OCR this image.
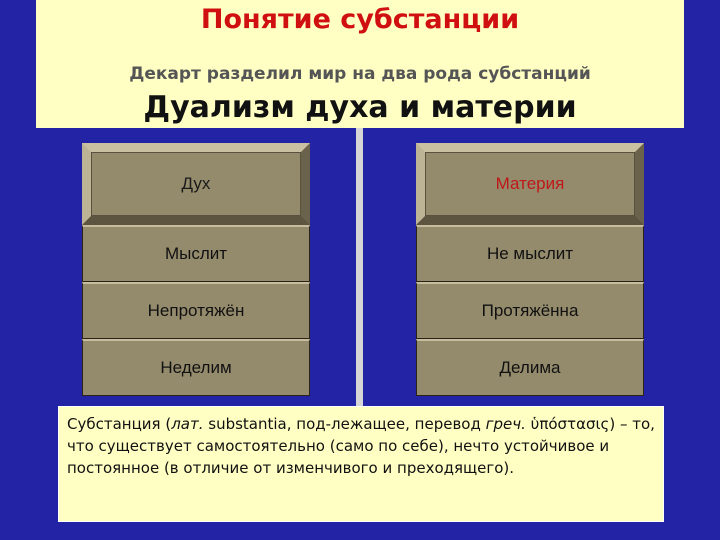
Понятие субстанции
Декарт разделил мир на два рода субстанций
Дуализм духа и материи
Дух
Мыслит
Непротяжён
Неделим
Материя
Не мыслит
Протяжённа
Делима
Субстанция (лат. substantia, под-лежащее, перевод греч. ὑπόστασις) – то, что существует самостоятельно (само по себе), нечто устойчивое и постоянное (в отличие от изменчивого и преходящего).
